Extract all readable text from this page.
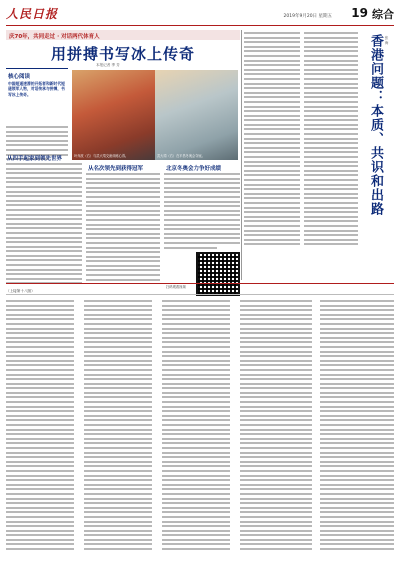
人民日报	2019年9月20日 星期五 19 综合
庆70年，共同走过 · 对话两代体育人
用拼搏书写冰上传奇
本报记者 季 芳
核心阅读
中国短道速滑的开拓者和新时代短道领军人物，对话传承与拼搏，书写冰上传奇。
叶乔波（右）与武大靖交流训练心得。	武大靖（右）在平昌冬奥会夺冠。
从四手起家到领先世界
从名次领先到获得冠军	北京冬奥会力争好成绩
扫码观看视频
香港问题：本质、共识和出路 张 海
（上接第十八版）
